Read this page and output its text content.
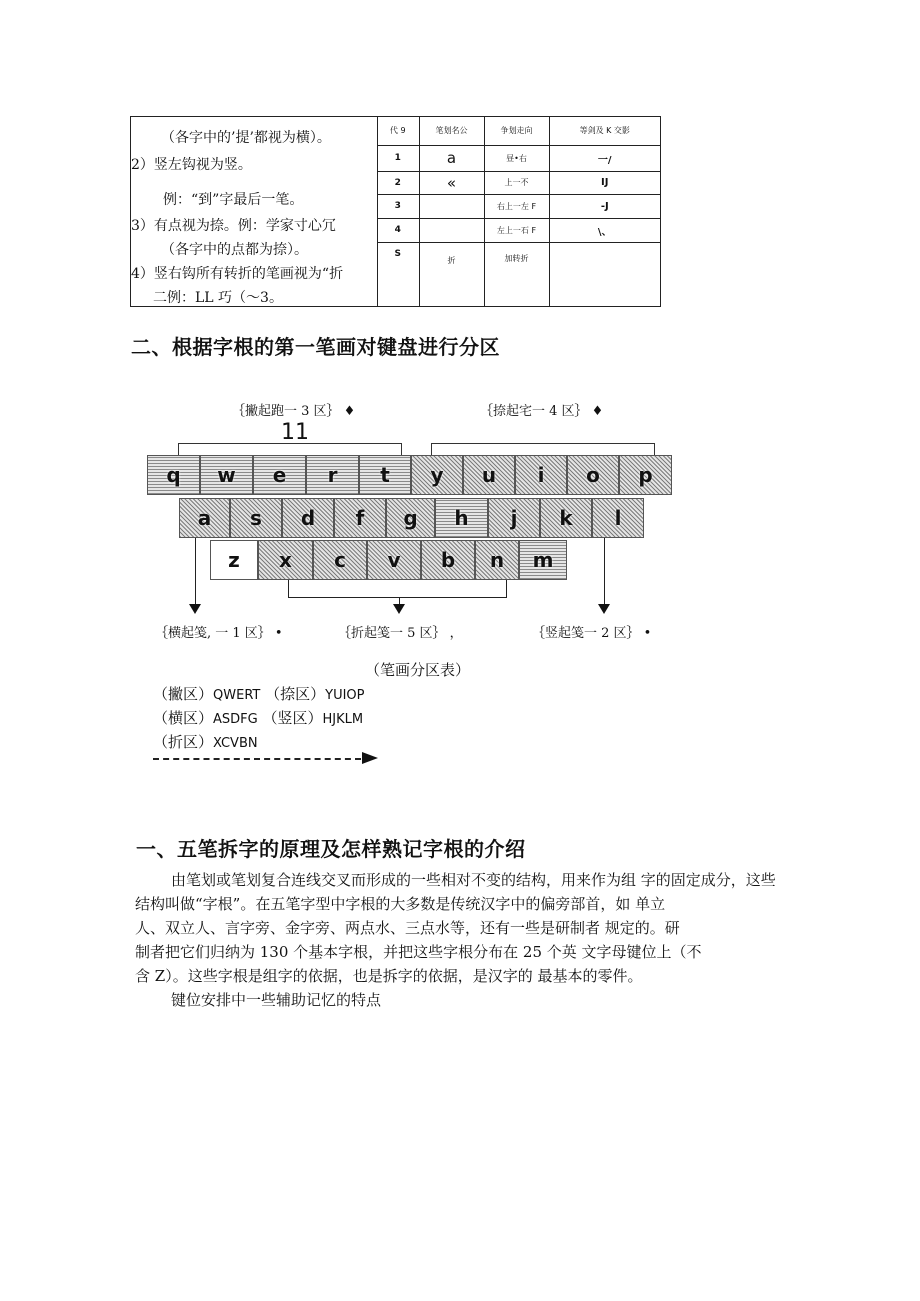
（各字中的’提’都视为横）。
2）竖左钩视为竖。
例：“到”字最后一笔。
3）有点视为捺。例：学家寸心冗
（各字中的点都为捺）。
4）竖右钩所有转折的笔画视为“折
二例：LL 巧（～3。
代 9	笔划名公	争划走向	等剑及 K 交影
1	a	昼•右	一/
2	«	上一不	IJ
3		右上一左 F	-J
4		左上一石 F	\、
S	折	加转折	
二、根据字根的第一笔画对键盘进行分区
｛撇起跑一 3 区｝ ♦	｛捺起宅一 4 区｝ ♦
11
q w e r t y u i o p
a s d f g h j k l
z x c v b n m
｛横起笺, 一 1 区｝ •	｛折起笺一 5 区｝ ，	｛竖起笺一 2 区｝ •
（笔画分区表）
（撇区）QWERT （捺区）YUIOP
（横区）ASDFG （竖区）HJKLM
（折区）XCVBN
一、五笔拆字的原理及怎样熟记字根的介绍
由笔划或笔划复合连线交叉而形成的一些相对不变的结构，用来作为组 字的固定成分，这些
结构叫做“字根”。在五笔字型中字根的大多数是传统汉字中的偏旁部首，如 单立
人、双立人、言字旁、金字旁、两点水、三点水等，还有一些是研制者 规定的。研
制者把它们归纳为 130 个基本字根，并把这些字根分布在 25 个英 文字母键位上（不
含 Z）。这些字根是组字的依据，也是拆字的依据，是汉字的 最基本的零件。
键位安排中一些辅助记忆的特点
